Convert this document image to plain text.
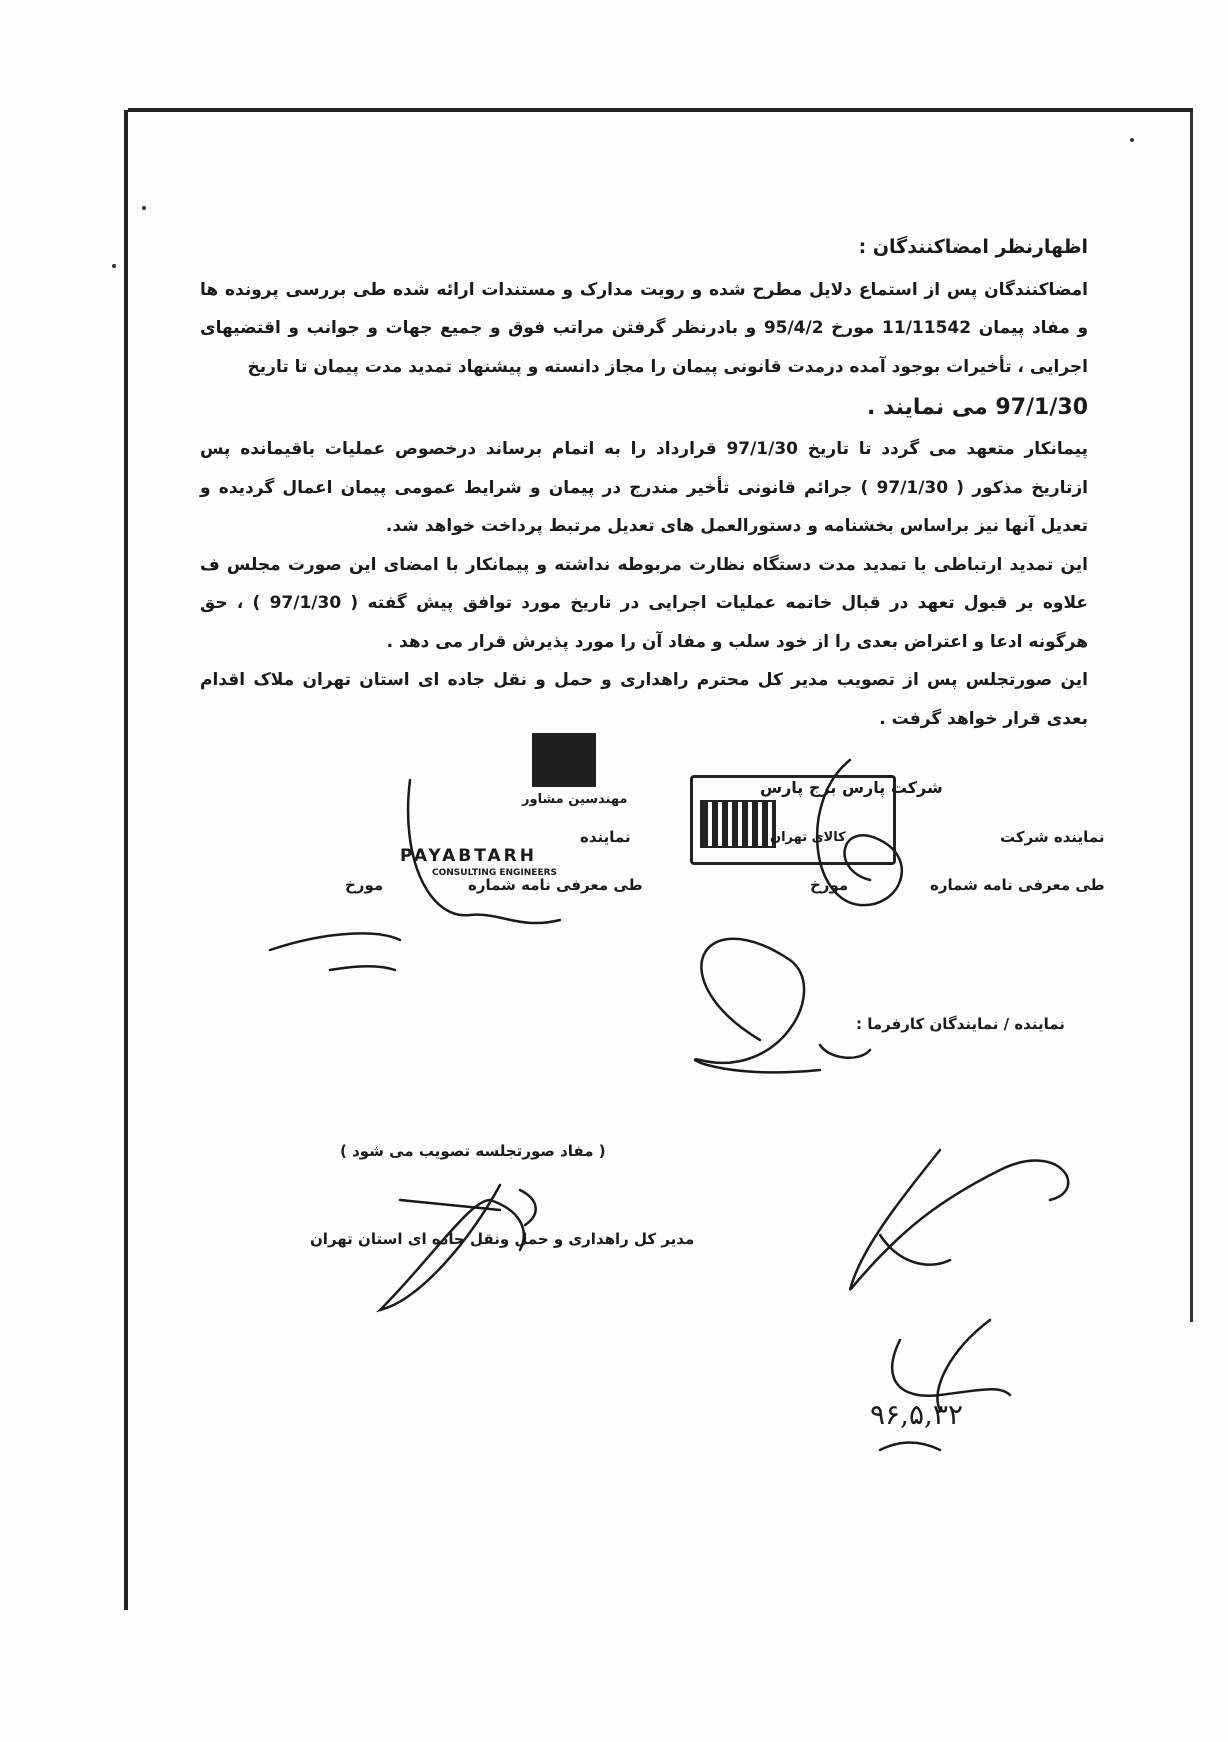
اظهارنظر امضاکنندگان :

امضاکنندگان پس از استماع دلایل مطرح شده و رویت مدارک و مستندات ارائه شده طی بررسی پرونده ها و مفاد پیمان 11/11542 مورخ 95/4/2 و بادرنظر گرفتن مراتب فوق و جمیع جهات و جوانب و اقتضیهای اجرایی ، تأخیرات بوجود آمده درمدت قانونی پیمان را مجاز دانسته و پیشنهاد تمدید مدت پیمان تا تاریخ

97/1/30 می نمایند .

پیمانکار متعهد می گردد تا تاریخ 97/1/30 قرارداد را به اتمام برساند درخصوص عملیات باقیمانده پس ازتاریخ مذکور ( 97/1/30 ) جرائم قانونی تأخیر مندرج در پیمان و شرایط عمومی پیمان اعمال گردیده و تعدیل آنها نیز براساس بخشنامه و دستورالعمل های تعدیل مرتبط پرداخت خواهد شد.

این تمدید ارتباطی با تمدید مدت دستگاه نظارت مربوطه نداشته و پیمانکار با امضای این صورت مجلس ف علاوه بر قبول تعهد در قبال خاتمه عملیات اجرایی در تاریخ مورد توافق پیش گفته ( 97/1/30 ) ، حق هرگونه ادعا و اعتراض بعدی را از خود سلب و مفاد آن را مورد پذیرش قرار می دهد .

این صورتجلس پس از تصویب مدیر کل محترم راهداری و حمل و نقل جاده ای استان تهران ملاک اقدام بعدی قرار خواهد گرفت .

شرکت پارس برج پارس
کالای تهران	نماینده شرکت
طی معرفی نامه شماره
مورخ
مهندسین مشاور
نماینده
PAYABTARH
CONSULTING ENGINEERS
طی معرفی نامه شماره
مورخ
نماینده / نمایندگان کارفرما :
( مفاد صورتجلسه تصویب می شود )
مدیر کل راهداری و حمل ونقل جاده ای استان تهران
۹۶,۵,۳۲
